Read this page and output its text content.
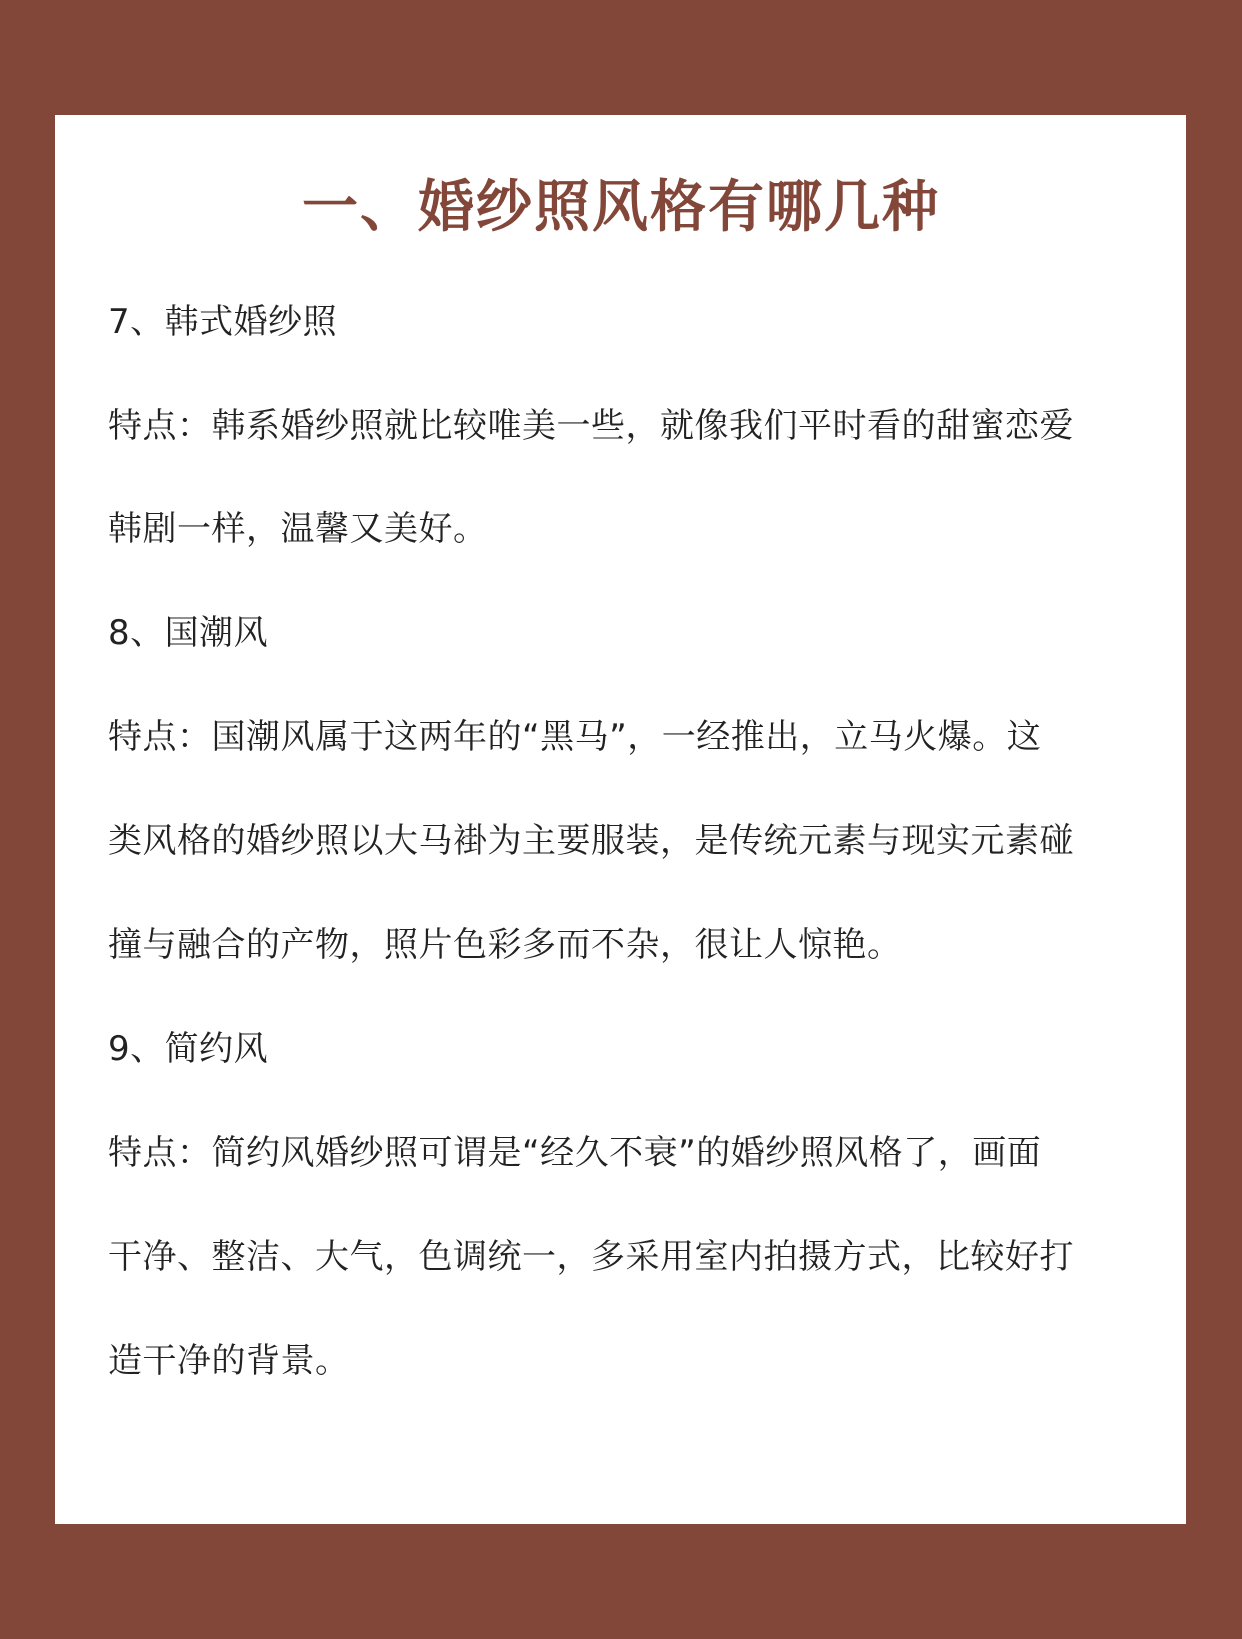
一、婚纱照风格有哪几种
7、韩式婚纱照
特点：韩系婚纱照就比较唯美一些，就像我们平时看的甜蜜恋爱
韩剧一样，温馨又美好。
8、国潮风
特点：国潮风属于这两年的“黑马”，一经推出，立马火爆。这
类风格的婚纱照以大马褂为主要服装，是传统元素与现实元素碰
撞与融合的产物，照片色彩多而不杂，很让人惊艳。
9、简约风
特点：简约风婚纱照可谓是“经久不衰”的婚纱照风格了，画面
干净、整洁、大气，色调统一，多采用室内拍摄方式，比较好打
造干净的背景。
